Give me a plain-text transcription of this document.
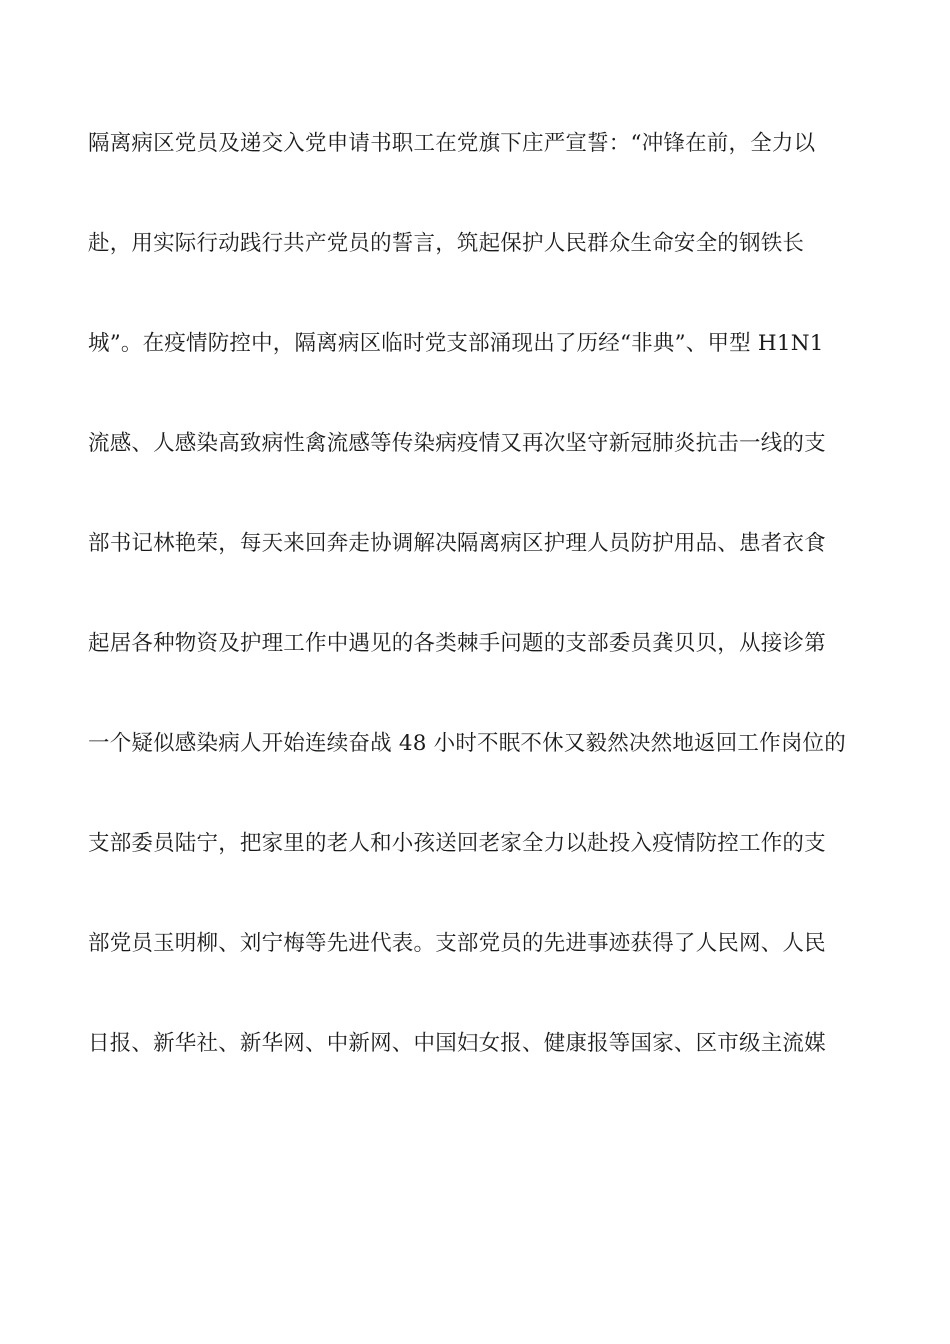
隔离病区党员及递交入党申请书职工在党旗下庄严宣誓：“冲锋在前，全力以
赴，用实际行动践行共产党员的誓言，筑起保护人民群众生命安全的钢铁长
城”。在疫情防控中，隔离病区临时党支部涌现出了历经“非典”、甲型 H1N1
流感、人感染高致病性禽流感等传染病疫情又再次坚守新冠肺炎抗击一线的支
部书记林艳荣，每天来回奔走协调解决隔离病区护理人员防护用品、患者衣食
起居各种物资及护理工作中遇见的各类棘手问题的支部委员龚贝贝，从接诊第
一个疑似感染病人开始连续奋战 48 小时不眠不休又毅然决然地返回工作岗位的
支部委员陆宁，把家里的老人和小孩送回老家全力以赴投入疫情防控工作的支
部党员玉明柳、刘宁梅等先进代表。支部党员的先进事迹获得了人民网、人民
日报、新华社、新华网、中新网、中国妇女报、健康报等国家、区市级主流媒
